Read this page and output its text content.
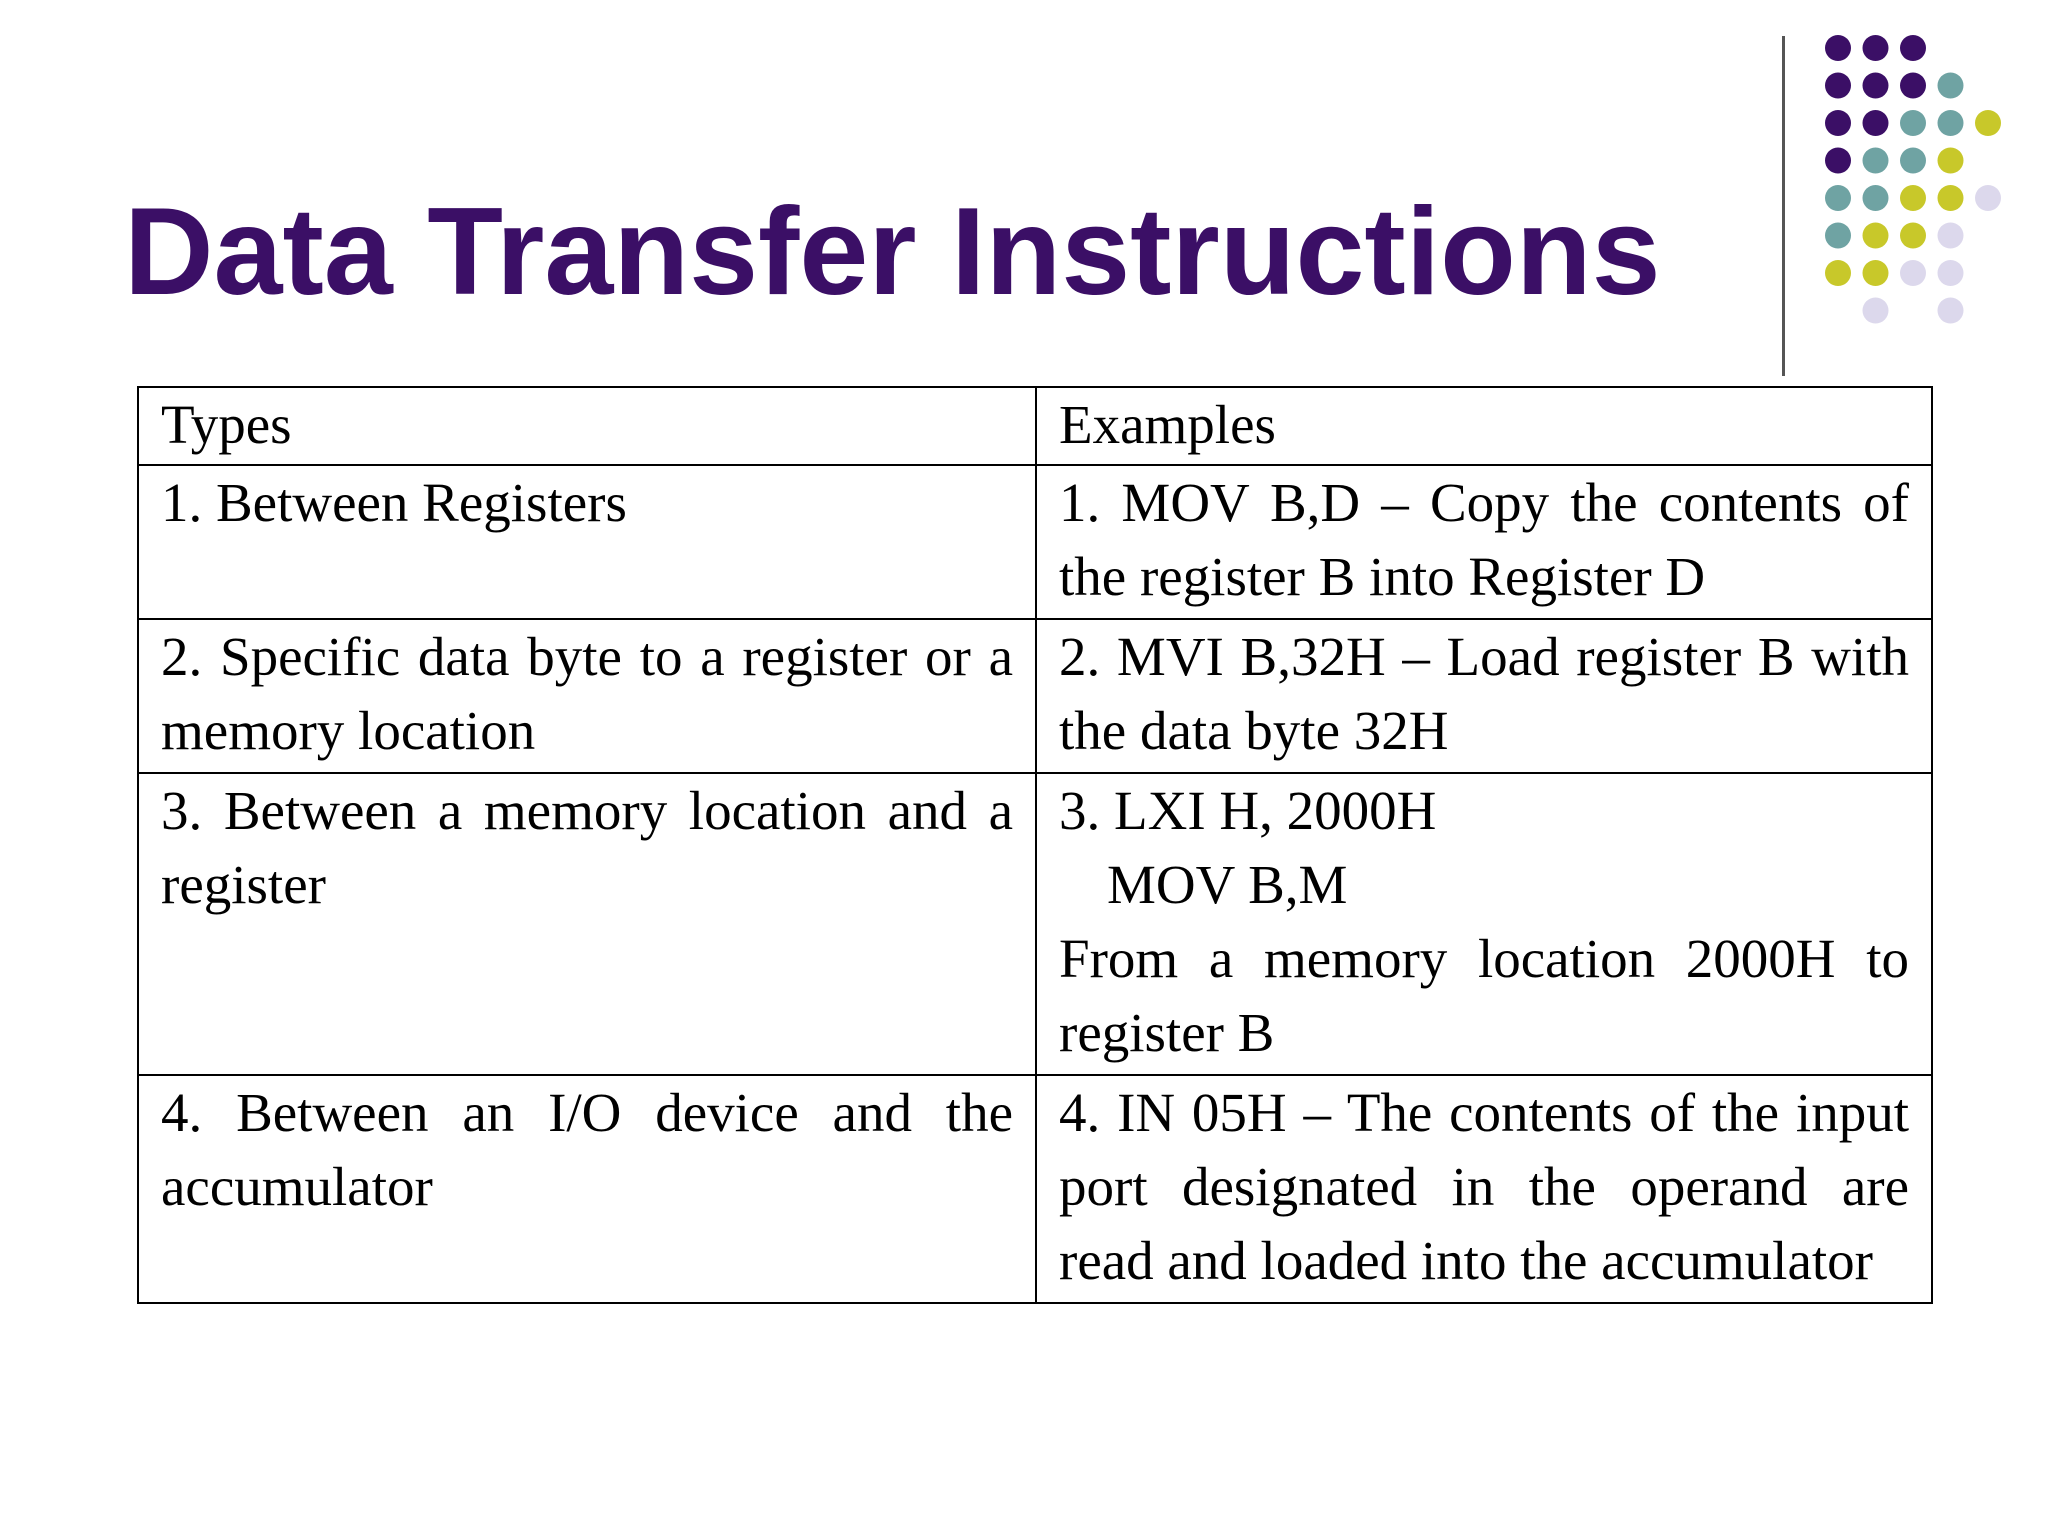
Data Transfer Instructions
Types	Examples
1. Between Registers	1. MOV B,D – Copy the contents of the register B into Register D
2. Specific data byte to a register or a memory location	2. MVI B,32H – Load register B with the data byte 32H
3. Between a memory location and a register	3. LXI H, 2000H
MOV B,M
From a memory location 2000H to register B

4. Between an I/O device and the accumulator	4. IN 05H – The contents of the input port designated in the operand are read and loaded into the accumulator
